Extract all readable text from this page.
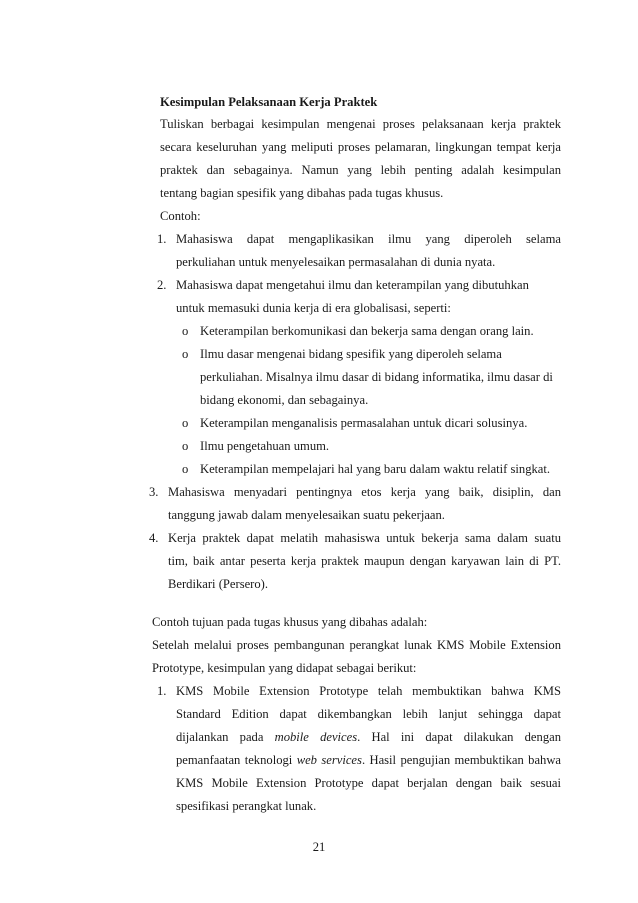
Kesimpulan Pelaksanaan Kerja Praktek
Tuliskan berbagai kesimpulan mengenai proses pelaksanaan kerja praktek
secara keseluruhan yang meliputi proses pelamaran, lingkungan tempat kerja
praktek dan sebagainya. Namun yang lebih penting adalah kesimpulan
tentang bagian spesifik yang dibahas pada tugas khusus.
Contoh:
1. Mahasiswa dapat mengaplikasikan ilmu yang diperoleh selama
perkuliahan untuk menyelesaikan permasalahan di dunia nyata.
2. Mahasiswa dapat mengetahui ilmu dan keterampilan yang dibutuhkan
untuk memasuki dunia kerja di era globalisasi, seperti:
o Keterampilan berkomunikasi dan bekerja sama dengan orang lain.
o Ilmu dasar mengenai bidang spesifik yang diperoleh selama
perkuliahan. Misalnya ilmu dasar di bidang informatika, ilmu dasar di
bidang ekonomi, dan sebagainya.
o Keterampilan menganalisis permasalahan untuk dicari solusinya.
o Ilmu pengetahuan umum.
o Keterampilan mempelajari hal yang baru dalam waktu relatif singkat.
3. Mahasiswa menyadari pentingnya etos kerja yang baik, disiplin, dan
tanggung jawab dalam menyelesaikan suatu pekerjaan.
4. Kerja praktek dapat melatih mahasiswa untuk bekerja sama dalam suatu
tim, baik antar peserta kerja praktek maupun dengan karyawan lain di PT.
Berdikari (Persero).
Contoh tujuan pada tugas khusus yang dibahas adalah:
Setelah melalui proses pembangunan perangkat lunak KMS Mobile Extension
Prototype, kesimpulan yang didapat sebagai berikut:
1. KMS Mobile Extension Prototype telah membuktikan bahwa KMS
Standard Edition dapat dikembangkan lebih lanjut sehingga dapat
dijalankan pada mobile devices. Hal ini dapat dilakukan dengan
pemanfaatan teknologi web services. Hasil pengujian membuktikan bahwa
KMS Mobile Extension Prototype dapat berjalan dengan baik sesuai
spesifikasi perangkat lunak.
21
